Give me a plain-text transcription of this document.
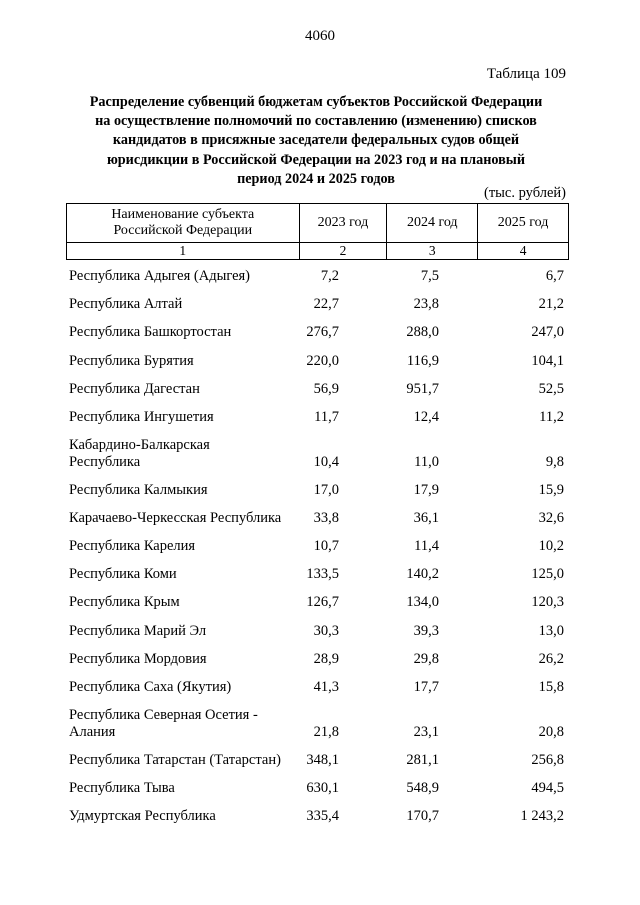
4060
Таблица 109
Распределение субвенций бюджетам субъектов Российской Федерации
на осуществление полномочий по составлению (изменению) списков
кандидатов в присяжные заседатели федеральных судов общей
юрисдикции в Российской Федерации на 2023 год и на плановый
период 2024 и 2025 годов
(тыс. рублей)
Наименование субъекта
Российской Федерации	2023 год	2024 год	2025 год
1	2	3	4
Республика Адыгея (Адыгея)	7,2	7,5	6,7
Республика Алтай	22,7	23,8	21,2
Республика Башкортостан	276,7	288,0	247,0
Республика Бурятия	220,0	116,9	104,1
Республика Дагестан	56,9	951,7	52,5
Республика Ингушетия	11,7	12,4	11,2
Кабардино-Балкарская
Республика	10,4	11,0	9,8
Республика Калмыкия	17,0	17,9	15,9
Карачаево-Черкесская Республика	33,8	36,1	32,6
Республика Карелия	10,7	11,4	10,2
Республика Коми	133,5	140,2	125,0
Республика Крым	126,7	134,0	120,3
Республика Марий Эл	30,3	39,3	13,0
Республика Мордовия	28,9	29,8	26,2
Республика Саха (Якутия)	41,3	17,7	15,8
Республика Северная Осетия -
Алания	21,8	23,1	20,8
Республика Татарстан (Татарстан)	348,1	281,1	256,8
Республика Тыва	630,1	548,9	494,5
Удмуртская Республика	335,4	170,7	1 243,2
